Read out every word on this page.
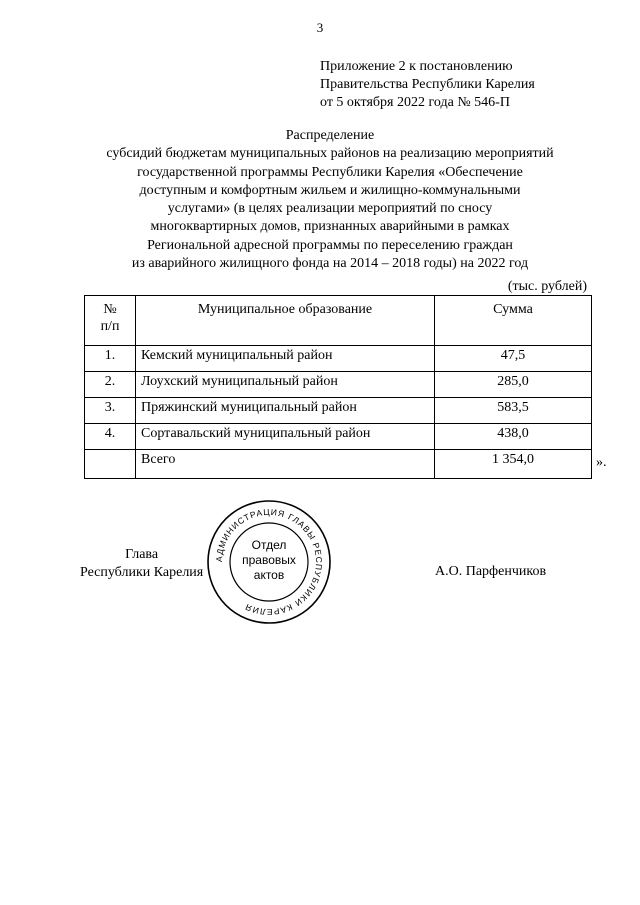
3
Приложение 2 к постановлению
Правительства Республики Карелия
от 5 октября 2022 года № 546-П
Распределение
субсидий бюджетам муниципальных районов на реализацию мероприятий
государственной программы Республики Карелия «Обеспечение
доступным и комфортным жильем и жилищно-коммунальными
услугами» (в целях реализации мероприятий по сносу
многоквартирных домов, признанных аварийными в рамках
Региональной адресной программы по переселению граждан
из аварийного жилищного фонда на 2014 – 2018 годы) на 2022 год
(тыс. рублей)
№
п/п	Муниципальное образование	Сумма
1.	Кемский муниципальный район	47,5
2.	Лоухский муниципальный район	285,0
3.	Пряжинский муниципальный район	583,5
4.	Сортавальский муниципальный район	438,0
	Всего	1 354,0	».
Глава
Республики Карелия	А.О. Парфенчиков
АДМИНИСТРАЦИЯ ГЛАВЫ РЕСПУБЛИКИ КАРЕЛИЯ
Отдел
правовых
актов
